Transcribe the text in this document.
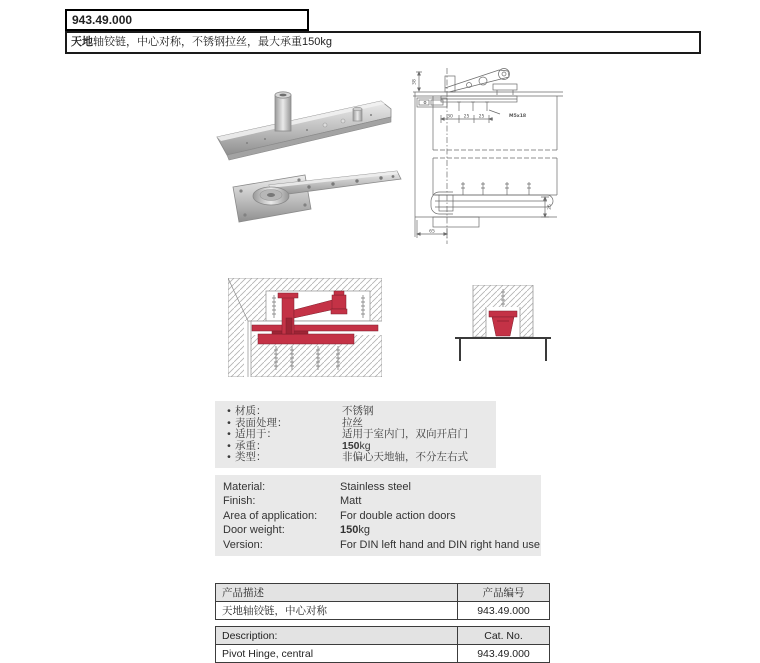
943.49.000
天地轴铰链，中心对称，不锈钢拉丝，最大承重150kg
30 25 25	M5x18
38
35
65
• 材质：	不锈钢
• 表面处理：	拉丝
• 适用于：	适用于室内门，双向开启门
• 承重：	150kg
• 类型：	非偏心天地轴，不分左右式
Material:	Stainless steel
Finish:	Matt
Area of application:	For double action doors
Door weight:	150kg
Version:	For DIN left hand and DIN right hand use
产品描述	产品编号
天地轴铰链，中心对称	943.49.000
Description:	Cat. No.
Pivot Hinge, central	943.49.000
